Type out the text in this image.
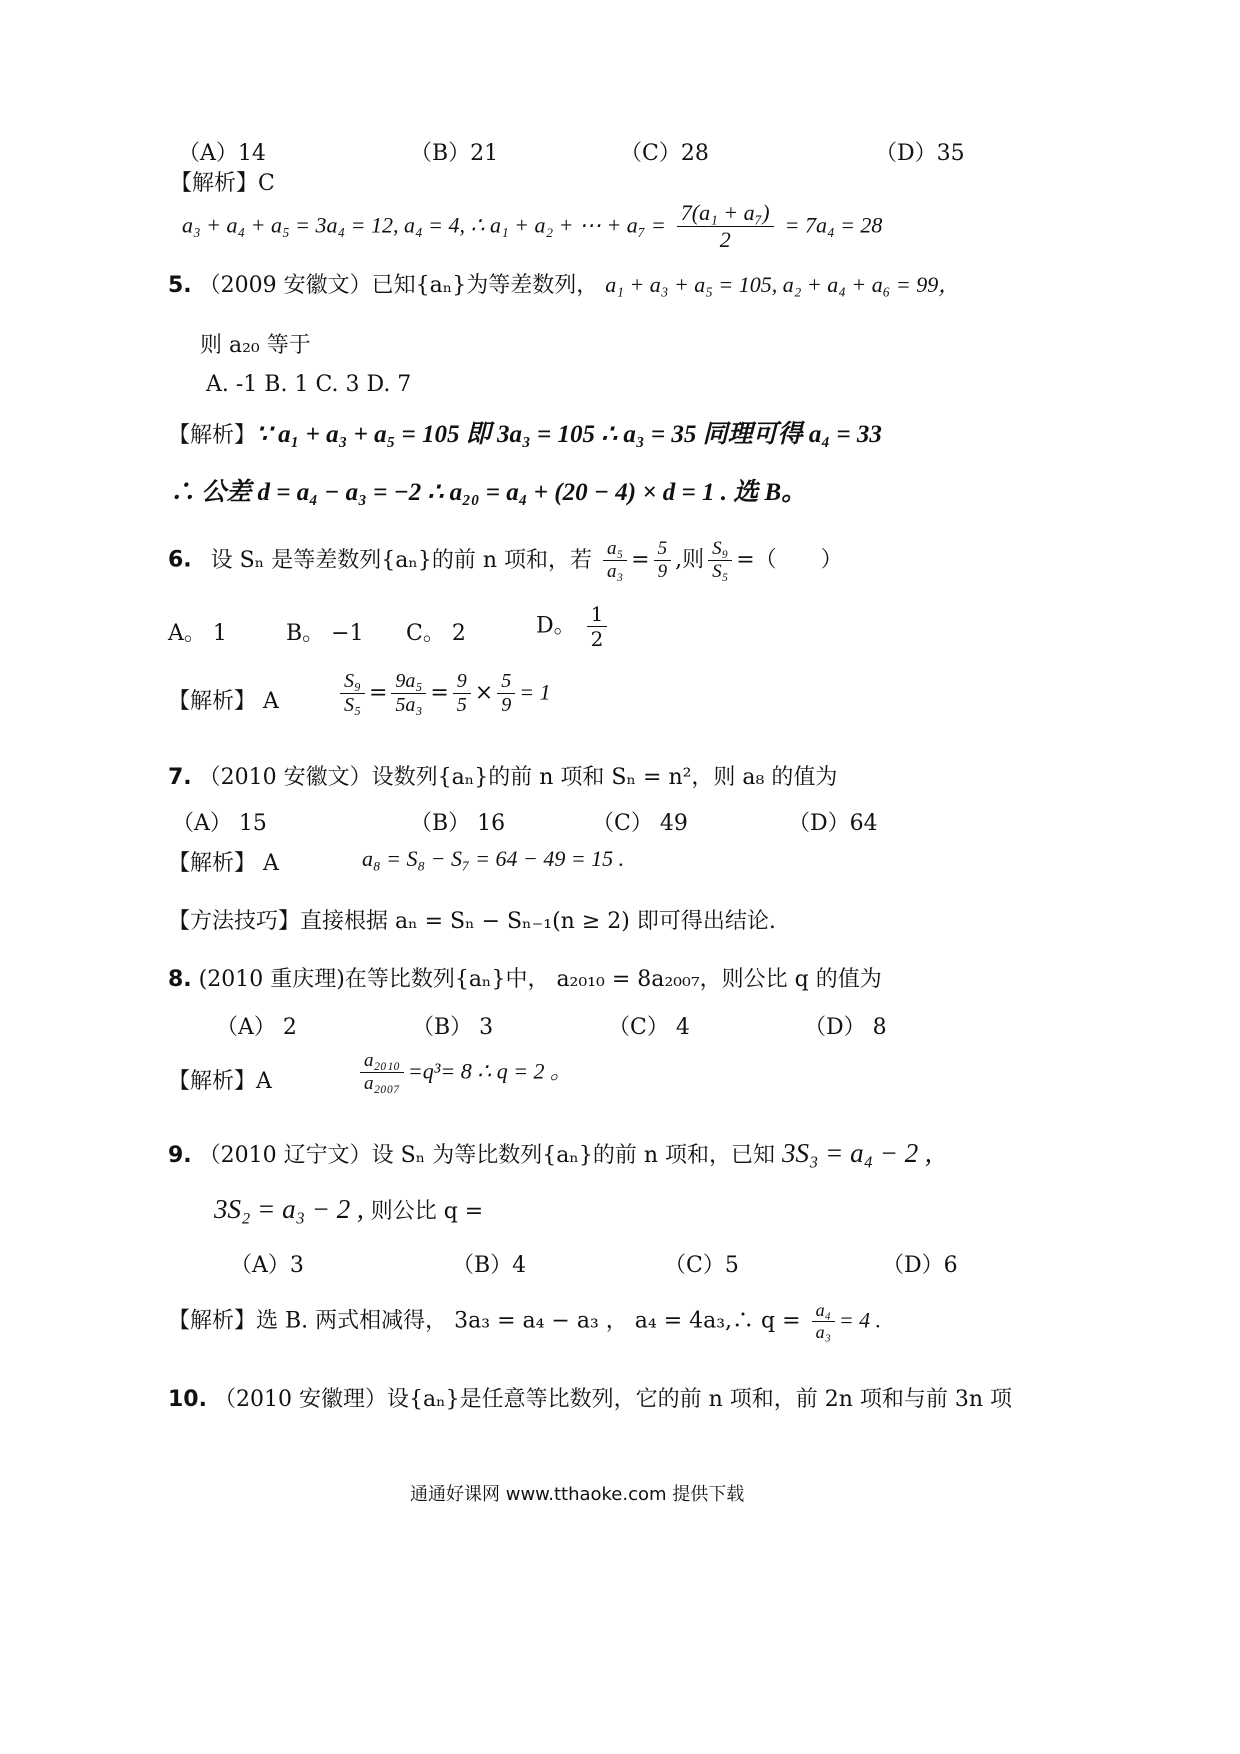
（A）14	（B）21	（C）28	（D）35
【解析】C
a₃ + a₄ + a₅ = 3a₄ = 12, a₄ = 4, ∴ a₁ + a₂ + ⋯ + $a_7 = \frac{\text{7(a₁ + a₇)}}{2} = 7a_4 = 28$
5. （2009 安徽文）已知{aₙ}为等差数列， a₁ + a₃ + a₅ = 105, a₂ + a₄ + a₆ = 99，
则 a₂₀ 等于
A. -1 B. 1 C. 3 D. 7
【解析】∵ a₁ + a₃ + a₅ = 105 即 3a₃ = 105 ∴ a₃ = 35 同理可得 a₄ = 33
∴ 公差 d = a₄ − a₃ = −2 ∴ a₂₀ = a₄ + (20 − 4) × d = 1 . 选 B。
6. 设 Sₙ 是等差数列{aₙ}的前 n 项和，若 $\frac{\text{a₅}}{\text{a₃}} = \frac{5}{9}$ ,则 $\frac{\text{S₉}}{\text{S₅}}$ =（　　）
A。 1	B。 −1 C。 2	D。 $\frac{1}{2}$
【解析】 A	$\frac{\text{S₉}}{\text{S₅}} = \frac{\text{9a₅}}{\text{5a₃}} = \frac{9}{5} \times \frac{5}{9} = 1$
7. （2010 安徽文）设数列{aₙ}的前 n 项和 Sₙ = n²，则 a₈ 的值为
（A） 15	（B） 16	（C） 49	（D）64
【解析】 A	a₈ = S₈ − S₇ = 64 − 49 = 15 .
【方法技巧】直接根据 aₙ = Sₙ − Sₙ₋₁(n ≥ 2) 即可得出结论.
8. (2010 重庆理)在等比数列{aₙ}中， a₂₀₁₀ = 8a₂₀₀₇，则公比 q 的值为
（A） 2	（B） 3	（C） 4	（D） 8
【解析】A	$\frac{\text{a₂₀₁₀}}{\text{a₂₀₀₇}} =q^3= 8$ ∴ q = 2 。
9. （2010 辽宁文）设 Sₙ 为等比数列{aₙ}的前 n 项和，已知 3S₃ = a₄ − 2 ,
3S₂ = a₃ − 2 , 则公比 q =
（A）3	（B）4	（C）5	（D）6
【解析】选 B. 两式相减得， 3a₃ = a₄ − a₃ ， a₄ = 4a₃,∴ $q = \frac{\text{a₄}}{\text{a₃}} = 4$ .
10. （2010 安徽理）设{aₙ}是任意等比数列，它的前 n 项和，前 2n 项和与前 3n 项
通通好课网 www.tthaoke.com 提供下载
